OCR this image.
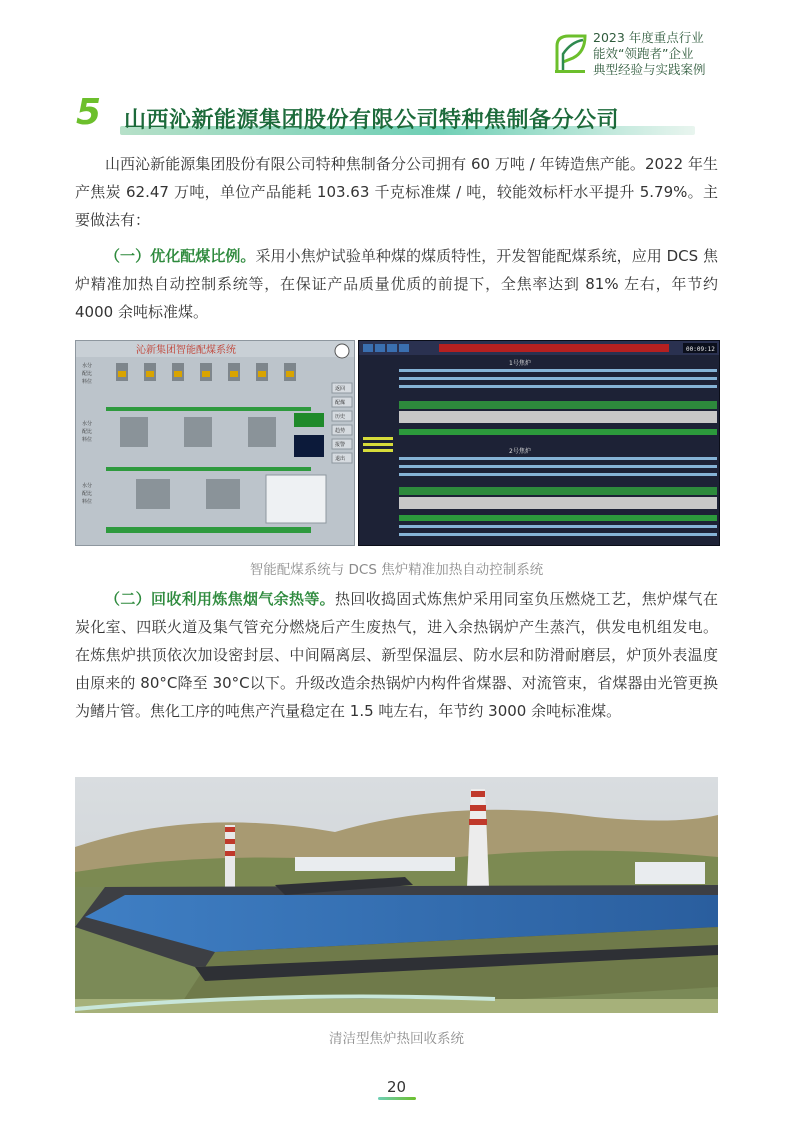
2023 年度重点行业
能效“领跑者”企业
典型经验与实践案例
5 山西沁新能源集团股份有限公司特种焦制备分公司
山西沁新能源集团股份有限公司特种焦制备分公司拥有 60 万吨 / 年铸造焦产能。2022 年生产焦炭 62.47 万吨，单位产品能耗 103.63 千克标准煤 / 吨，较能效标杆水平提升 5.79%。主要做法有：
（一）优化配煤比例。采用小焦炉试验单种煤的煤质特性，开发智能配煤系统，应用 DCS 焦炉精准加热自动控制系统等，在保证产品质量优质的前提下，全焦率达到 81% 左右，年节约 4000 余吨标准煤。
沁新集团智能配煤系统
水分
配比
料位
水分
配比
料位
水分
配比
料位
返回
配煤
历史
趋势
报警
退出
00:09:12
1号焦炉
2号焦炉
智能配煤系统与 DCS 焦炉精准加热自动控制系统
（二）回收利用炼焦烟气余热等。热回收捣固式炼焦炉采用同室负压燃烧工艺，焦炉煤气在炭化室、四联火道及集气管充分燃烧后产生废热气，进入余热锅炉产生蒸汽，供发电机组发电。在炼焦炉拱顶依次加设密封层、中间隔离层、新型保温层、防水层和防滑耐磨层，炉顶外表温度由原来的 80°C降至 30°C以下。升级改造余热锅炉内构件省煤器、对流管束，省煤器由光管更换为鳍片管。焦化工序的吨焦产汽量稳定在 1.5 吨左右，年节约 3000 余吨标准煤。
清洁型焦炉热回收系统
20
